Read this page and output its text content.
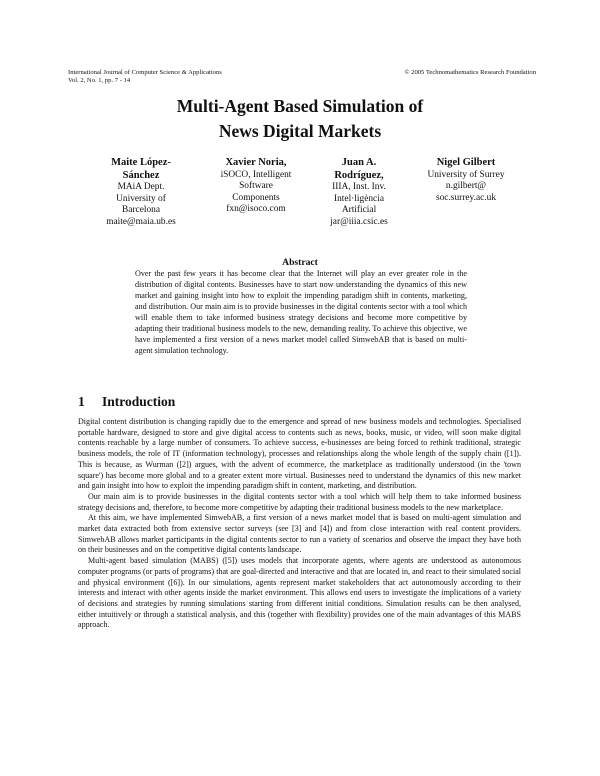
International Journal of Computer Science & Applications
Vol. 2, No. 1, pp. 7 - 14
© 2005 Technomathematics Research Foundation
Multi-Agent Based Simulation of
News Digital Markets
Maite López-
Sánchez
MAiA Dept.
University of
Barcelona
maite@maia.ub.es
Xavier Noria,
iSOCO, Intelligent
Software
Components
fxn@isoco.com
Juan A.
Rodríguez,
IIIA, Inst. Inv.
Intel·ligència
Artificial
jar@iiia.csic.es
Nigel Gilbert
University of Surrey
n.gilbert@
soc.surrey.ac.uk
Abstract
Over the past few years it has become clear that the Internet will play an ever greater role in the distribution of digital contents. Businesses have to start now understanding the dynamics of this new market and gaining insight into how to exploit the impending paradigm shift in contents, marketing, and distribution. Our main aim is to provide businesses in the digital contents sector with a tool which will enable them to take informed business strategy decisions and become more competitive by adapting their traditional business models to the new, demanding reality. To achieve this objective, we have implemented a first version of a news market model called SimwebAB that is based on multi-agent simulation technology.
1 Introduction

Digital content distribution is changing rapidly due to the emergence and spread of new business models and technologies. Specialised portable hardware, designed to store and give digital access to contents such as news, books, music, or video, will soon make digital contents reachable by a large number of consumers. To achieve success, e-businesses are being forced to rethink traditional, strategic business models, the role of IT (information technology), processes and relationships along the whole length of the supply chain ([1]). This is because, as Wurman ([2]) argues, with the advent of ecommerce, the marketplace as traditionally understood (in the 'town square') has become more global and to a greater extent more virtual. Businesses need to understand the dynamics of this new market and gain insight into how to exploit the impending paradigm shift in content, marketing, and distribution.

Our main aim is to provide businesses in the digital contents sector with a tool which will help them to take informed business strategy decisions and, therefore, to become more competitive by adapting their traditional business models to the new marketplace.

At this aim, we have implemented SimwebAB, a first version of a news market model that is based on multi-agent simulation and market data extracted both from extensive sector surveys (see [3] and [4]) and from close interaction with real content providers. SimwebAB allows market participants in the digital contents sector to run a variety of scenarios and observe the impact they have both on their businesses and on the competitive digital contents landscape.

Multi-agent based simulation (MABS) ([5]) uses models that incorporate agents, where agents are understood as autonomous computer programs (or parts of programs) that are goal-directed and interactive and that are located in, and react to their simulated social and physical environment ([6]). In our simulations, agents represent market stakeholders that act autonomously according to their interests and interact with other agents inside the market environment. This allows end users to investigate the implications of a variety of decisions and strategies by running simulations starting from different initial conditions. Simulation results can be then analysed, either intuitively or through a statistical analysis, and this (together with flexibility) provides one of the main advantages of this MABS approach.
